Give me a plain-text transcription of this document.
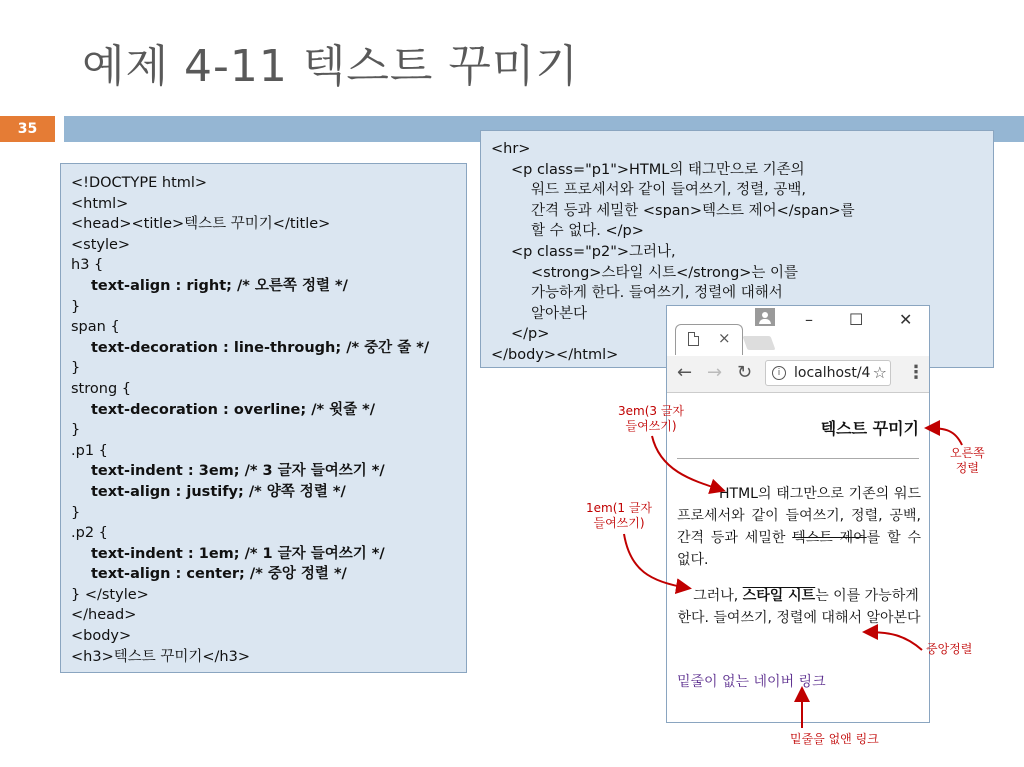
예제 4-11 텍스트 꾸미기
35
<!DOCTYPE html>
<html>
<head><title>텍스트 꾸미기</title>
<style>
h3 {
text-align : right; /* 오른쪽 정렬 */
}
span {
text-decoration : line-through; /* 중간 줄 */
}
strong {
text-decoration : overline; /* 윗줄 */
}
.p1 {
text-indent : 3em; /* 3 글자 들여쓰기 */
text-align : justify; /* 양쪽 정렬 */
}
.p2 {
text-indent : 1em; /* 1 글자 들여쓰기 */
text-align : center; /* 중앙 정렬 */
} </style>
</head>
<body>
<h3>텍스트 꾸미기</h3>
<hr>
<p class="p1">HTML의 태그만으로 기존의
워드 프로세서와 같이 들여쓰기, 정렬, 공백,
간격 등과 세밀한 <span>텍스트 제어</span>를
할 수 없다. </p>
<p class="p2">그러나,
<strong>스타일 시트</strong>는 이를
가능하게 한다. 들여쓰기, 정렬에 대해서
알아본다
</p>
</body></html>
– ☐ ✕
×
← → ↻	i localhost/4 ☆ ⋮
텍스트 꾸미기
HTML의 태그만으로 기존의 워드 프로세서와 같이 들여쓰기, 정렬, 공백, 간격 등과 세밀한 텍스트 제어를 할 수 없다.
그러나, 스타일 시트는 이를 가능하게 한다. 들여쓰기, 정렬에 대해서 알아본다
밑줄이 없는 네이버 링크
3em(3 글자
들여쓰기)
1em(1 글자
들여쓰기)
오른쪽
정렬
중앙정렬
밑줄을 없앤 링크
